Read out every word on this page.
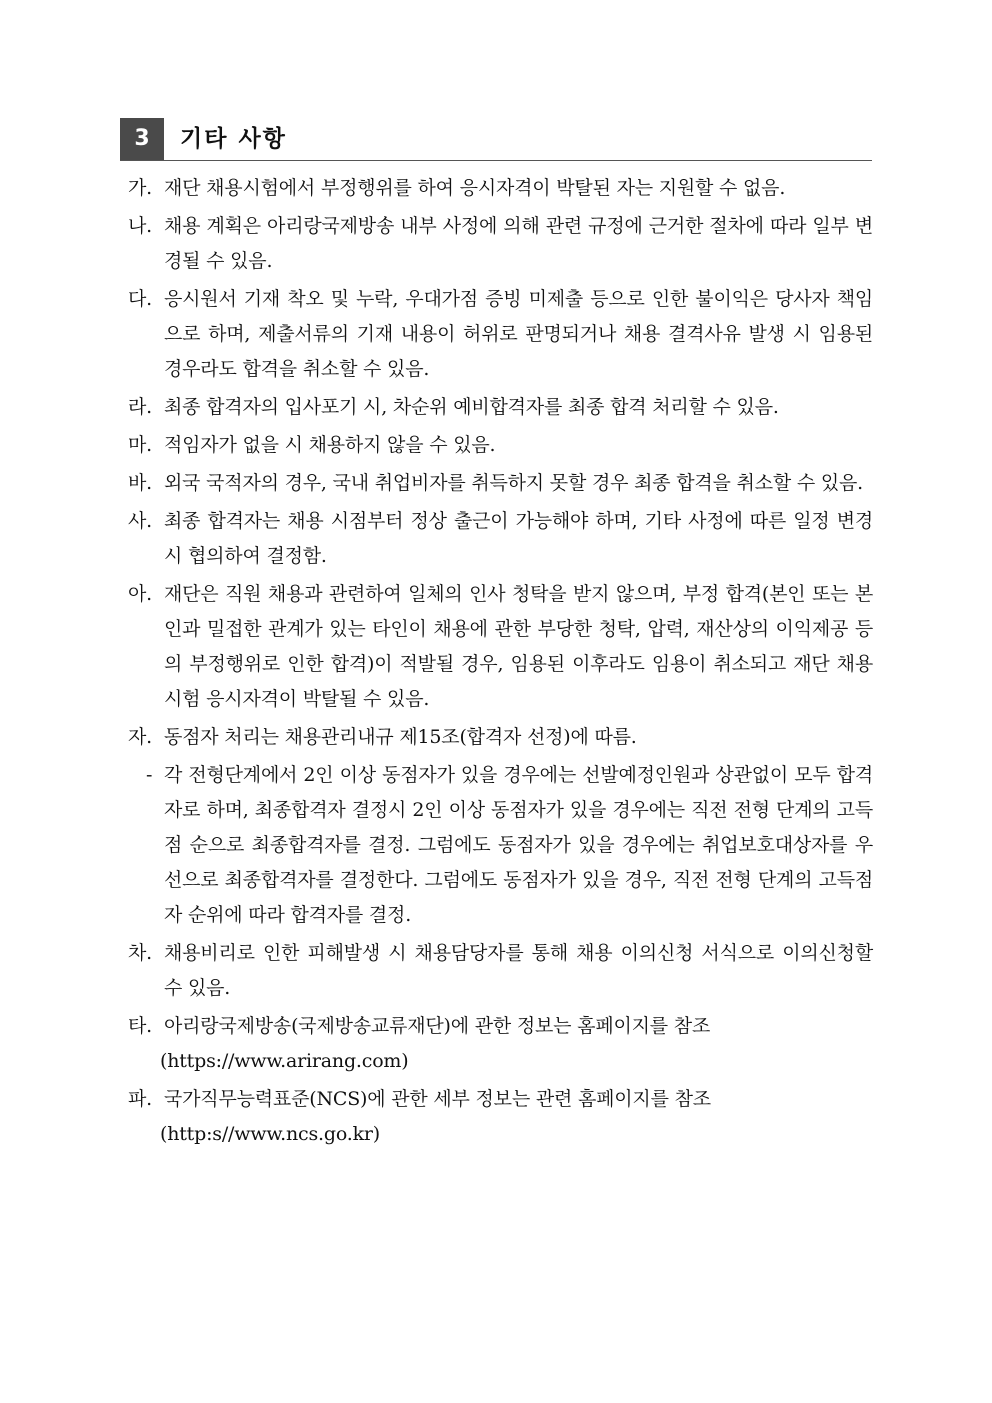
3	기타 사항
가. 재단 채용시험에서 부정행위를 하여 응시자격이 박탈된 자는 지원할 수 없음.
나. 채용 계획은 아리랑국제방송 내부 사정에 의해 관련 규정에 근거한 절차에 따라 일부 변경될 수 있음.
다. 응시원서 기재 착오 및 누락, 우대가점 증빙 미제출 등으로 인한 불이익은 당사자 책임으로 하며, 제출서류의 기재 내용이 허위로 판명되거나 채용 결격사유 발생 시 임용된 경우라도 합격을 취소할 수 있음.
라. 최종 합격자의 입사포기 시, 차순위 예비합격자를 최종 합격 처리할 수 있음.
마. 적임자가 없을 시 채용하지 않을 수 있음.
바. 외국 국적자의 경우, 국내 취업비자를 취득하지 못할 경우 최종 합격을 취소할 수 있음.
사. 최종 합격자는 채용 시점부터 정상 출근이 가능해야 하며, 기타 사정에 따른 일정 변경 시 협의하여 결정함.
아. 재단은 직원 채용과 관련하여 일체의 인사 청탁을 받지 않으며, 부정 합격(본인 또는 본인과 밀접한 관계가 있는 타인이 채용에 관한 부당한 청탁, 압력, 재산상의 이익제공 등의 부정행위로 인한 합격)이 적발될 경우, 임용된 이후라도 임용이 취소되고 재단 채용시험 응시자격이 박탈될 수 있음.
자. 동점자 처리는 채용관리내규 제15조(합격자 선정)에 따름.
- 각 전형단계에서 2인 이상 동점자가 있을 경우에는 선발예정인원과 상관없이 모두 합격자로 하며, 최종합격자 결정시 2인 이상 동점자가 있을 경우에는 직전 전형 단계의 고득점 순으로 최종합격자를 결정. 그럼에도 동점자가 있을 경우에는 취업보호대상자를 우선으로 최종합격자를 결정한다. 그럼에도 동점자가 있을 경우, 직전 전형 단계의 고득점자 순위에 따라 합격자를 결정.
차. 채용비리로 인한 피해발생 시 채용담당자를 통해 채용 이의신청 서식으로 이의신청할 수 있음.
타. 아리랑국제방송(국제방송교류재단)에 관한 정보는 홈페이지를 참조
(https://www.arirang.com)
파. 국가직무능력표준(NCS)에 관한 세부 정보는 관련 홈페이지를 참조
(http:s//www.ncs.go.kr)
